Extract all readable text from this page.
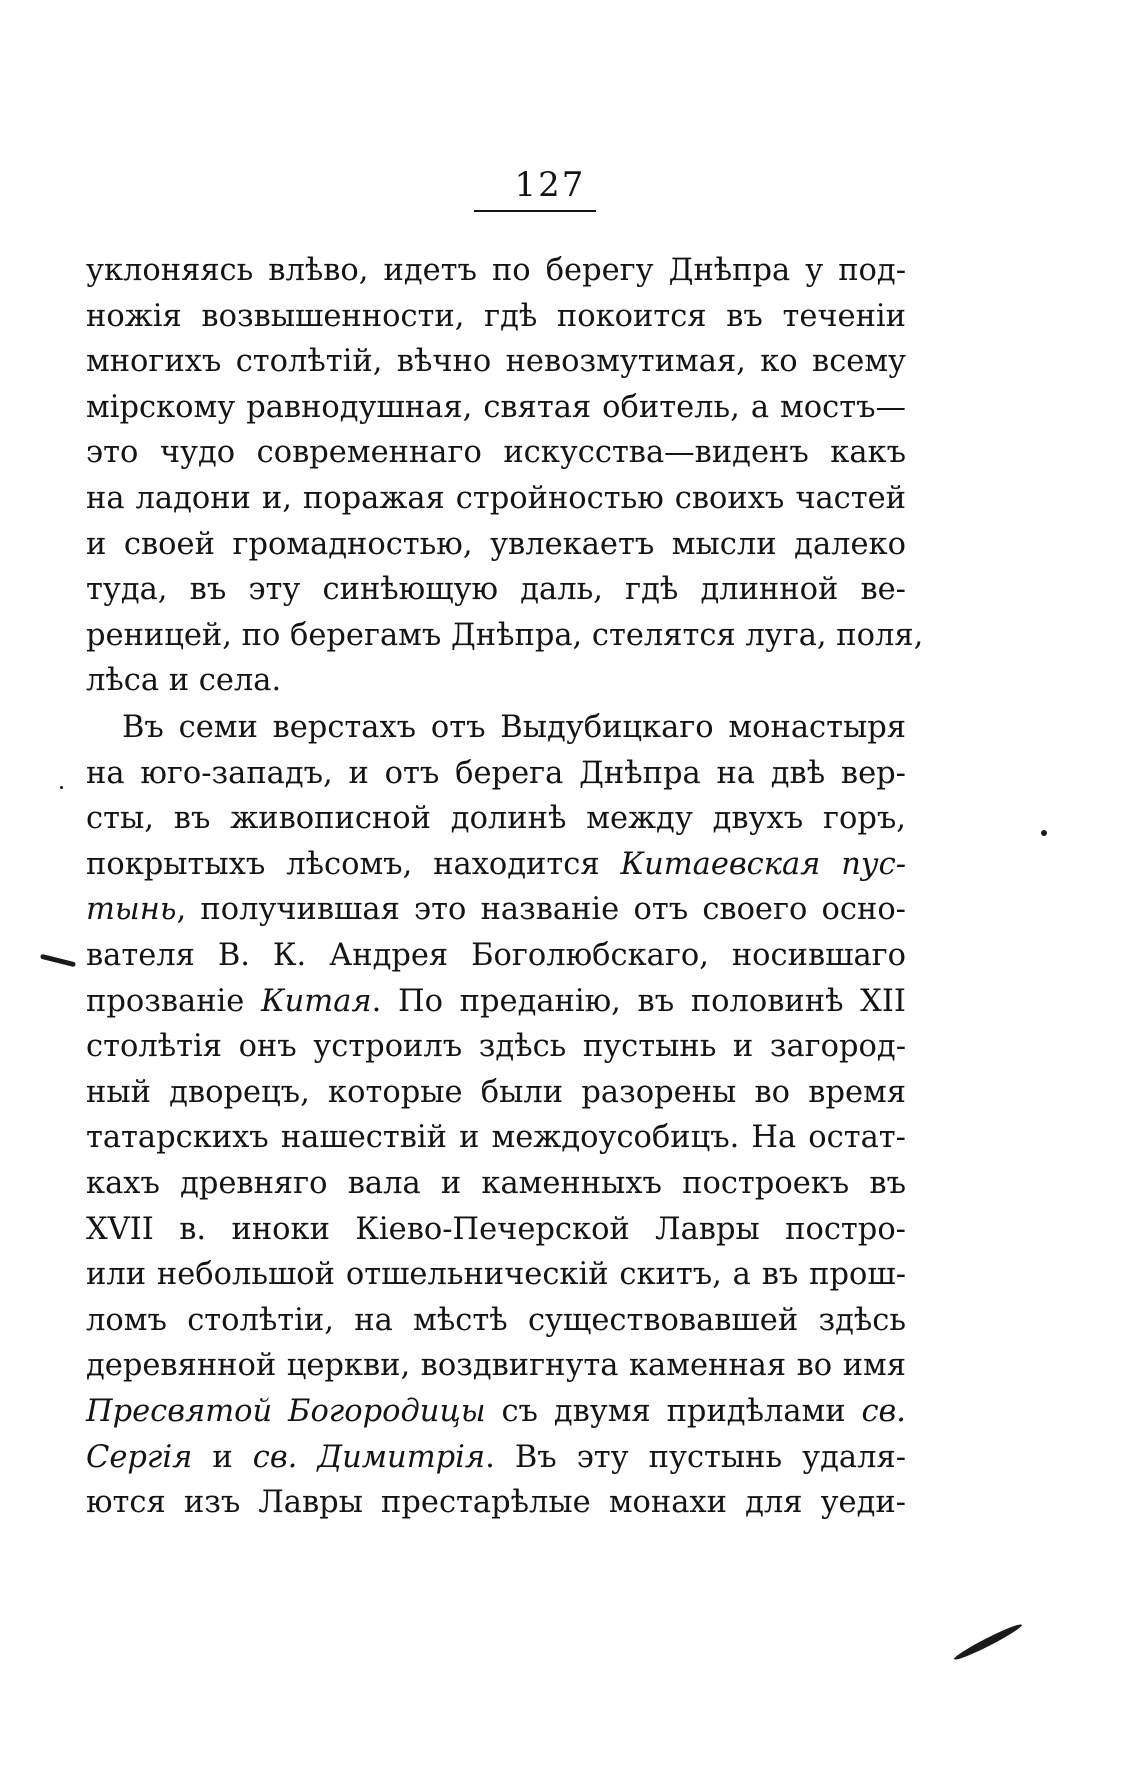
127
уклоняясь влѣво, идетъ по берегу Днѣпра у под-
ножія возвышенности, гдѣ покоится въ теченіи
многихъ столѣтій, вѣчно невозмутимая, ко всему
мірскому равнодушная, святая обитель, а мостъ—
это чудо современнаго искусства—виденъ какъ
на ладони и, поражая стройностью своихъ частей
и своей громадностью, увлекаетъ мысли далеко
туда, въ эту синѣющую даль, гдѣ длинной ве-
реницей, по берегамъ Днѣпра, стелятся луга, поля,
лѣса и села.
Въ семи верстахъ отъ Выдубицкаго монастыря
на юго-западъ, и отъ берега Днѣпра на двѣ вер-
сты, въ живописной долинѣ между двухъ горъ,
покрытыхъ лѣсомъ, находится Китаевская пус-
тынь, получившая это названіе отъ своего осно-
вателя В. К. Андрея Боголюбскаго, носившаго
прозваніе Китая. По преданію, въ половинѣ XII
столѣтія онъ устроилъ здѣсь пустынь и загород-
ный дворецъ, которые были разорены во время
татарскихъ нашествій и междоусобицъ. На остат-
кахъ древняго вала и каменныхъ построекъ въ
XVII в. иноки Кіево-Печерской Лавры постро-
или небольшой отшельническій скитъ, а въ прош-
ломъ столѣтіи, на мѣстѣ существовавшей здѣсь
деревянной церкви, воздвигнута каменная во имя
Пресвятой Богородицы съ двумя придѣлами св.
Сергія и св. Димитрія. Въ эту пустынь удаля-
ются изъ Лавры престарѣлые монахи для уеди-
